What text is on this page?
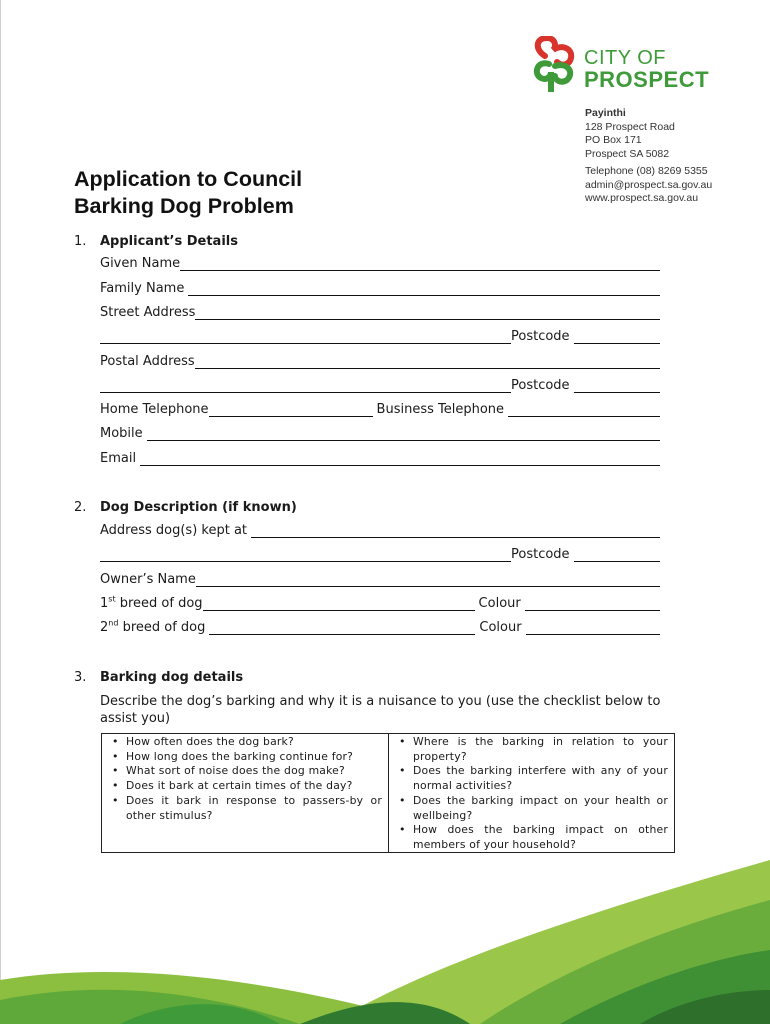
CITY OF
PROSPECT
Payinthi
128 Prospect Road
PO Box 171
Prospect SA 5082
Telephone (08) 8269 5355
admin@prospect.sa.gov.au
www.prospect.sa.gov.au
Application to Council
Barking Dog Problem
1. Applicant’s Details
Given Name
Family Name
Street Address
Postcode
Postal Address
Postcode
Home Telephone	Business Telephone
Mobile
Email
2. Dog Description (if known)
Address dog(s) kept at
Postcode
Owner’s Name
1st breed of dog	Colour
2nd breed of dog	Colour
3. Barking dog details
Describe the dog’s barking and why it is a nuisance to you (use the checklist below to assist you)
• How often does the dog bark?
• How long does the barking continue for?
• What sort of noise does the dog make?
• Does it bark at certain times of the day?
• Does it bark in response to passers-by or other stimulus?
• Where is the barking in relation to your property?
• Does the barking interfere with any of your normal activities?
• Does the barking impact on your health or wellbeing?
• How does the barking impact on other members of your household?
